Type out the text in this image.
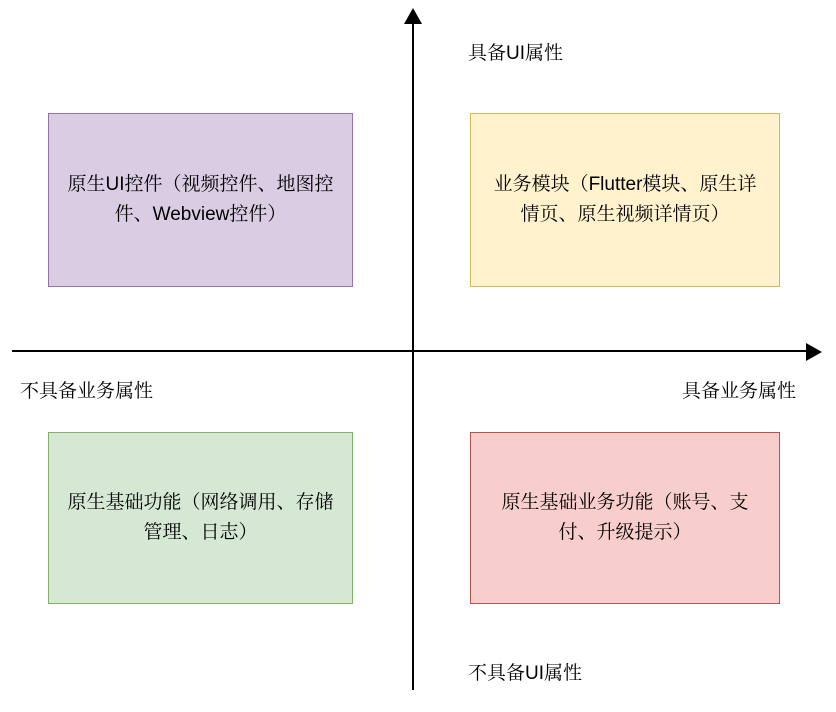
具备UI属性
不具备UI属性
不具备业务属性	具备业务属性
原生UI控件（视频控件、地图控件、Webview控件）
业务模块（Flutter模块、原生详情页、原生视频详情页）
原生基础功能（网络调用、存储管理、日志）
原生基础业务功能（账号、支付、升级提示）
